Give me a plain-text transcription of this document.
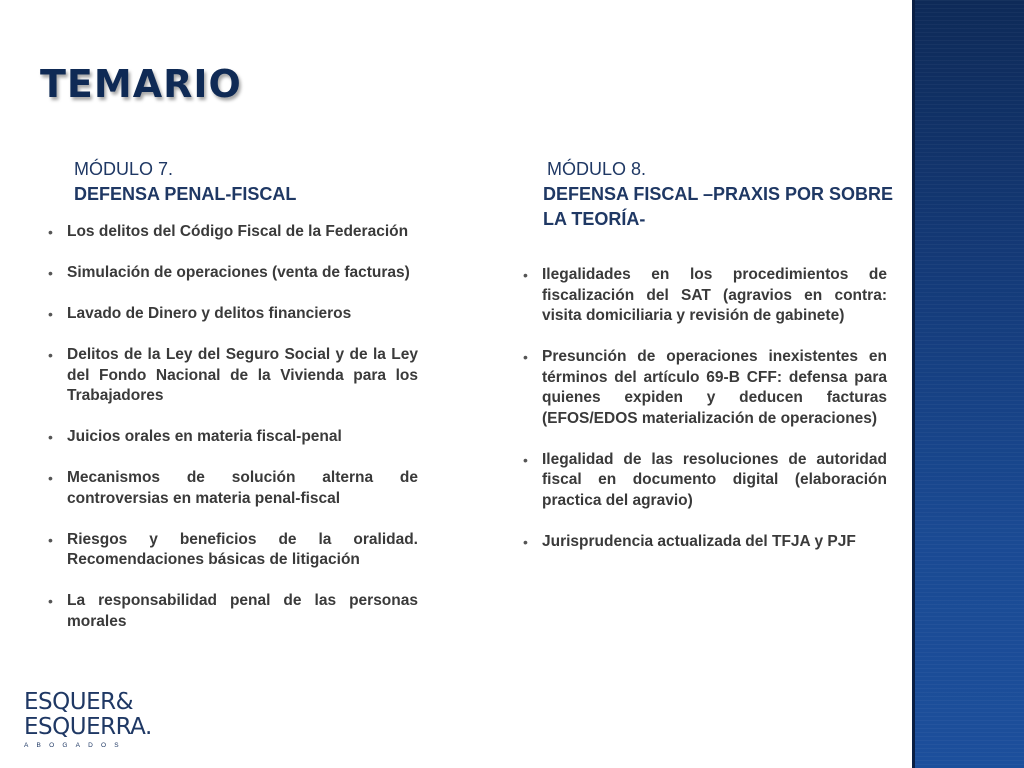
TEMARIO
MÓDULO 7.
DEFENSA PENAL-FISCAL
• Los delitos del Código Fiscal de la Federación
• Simulación de operaciones (venta de facturas)
• Lavado de Dinero y delitos financieros
• Delitos de la Ley del Seguro Social y de la Ley del Fondo Nacional de la Vivienda para los Trabajadores
• Juicios orales en materia fiscal-penal
• Mecanismos de solución alterna de controversias en materia penal-fiscal
• Riesgos y beneficios de la oralidad. Recomendaciones básicas de litigación
• La responsabilidad penal de las personas morales
MÓDULO 8.
DEFENSA FISCAL –PRAXIS POR SOBRE LA TEORÍA-
• Ilegalidades en los procedimientos de fiscalización del SAT (agravios en contra: visita domiciliaria y revisión de gabinete)
• Presunción de operaciones inexistentes en términos del artículo 69-B CFF: defensa para quienes expiden y deducen facturas (EFOS/EDOS materialización de operaciones)
• Ilegalidad de las resoluciones de autoridad fiscal en documento digital (elaboración practica del agravio)
• Jurisprudencia actualizada del TFJA y PJF
ESQUER&
ESQUERRA.
ABOGADOS
